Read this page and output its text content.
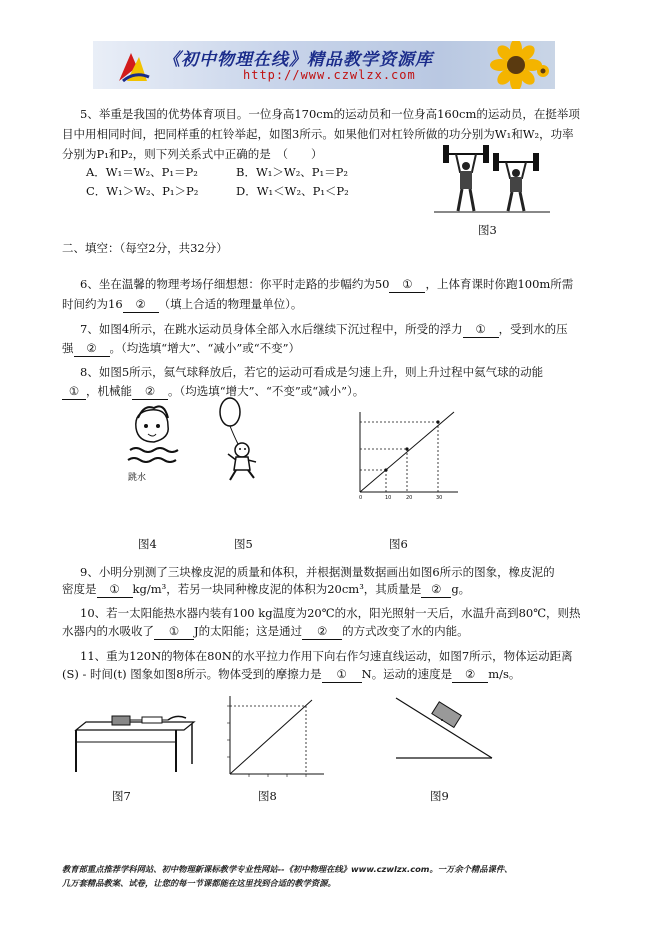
《初中物理在线》精品教学资源库
http://www.czwlzx.com
5、举重是我国的优势体育项目。一位身高170cm的运动员和一位身高160cm的运动员，在挺举项
目中用相同时间，把同样重的杠铃举起，如图3所示。如果他们对杠铃所做的功分别为W₁和W₂，功率
分别为P₁和P₂，则下列关系式中正确的是　（　　）
A．W₁＝W₂、P₁＝P₂	B．W₁＞W₂、P₁＝P₂
C．W₁＞W₂、P₁＞P₂	D．W₁＜W₂、P₁＜P₂
图3
二、填空：（每空2分，共32分）
6、坐在温馨的物理考场仔细想想：你平时走路的步幅约为50 ① ，上体育课时你跑100m所需
时间约为16 ② （填上合适的物理量单位）。
7、如图4所示，在跳水运动员身体全部入水后继续下沉过程中，所受的浮力 ① ，受到水的压
强 ② 。（均选填“增大”、“减小”或“不变”）
8、如图5所示，氦气球释放后，若它的运动可看成是匀速上升，则上升过程中氦气球的动能
① ，机械能 ② 。（均选填“增大”、“不变”或“减小”）。
跳水
0	10	20	30
图4	图5	图6
9、小明分别测了三块橡皮泥的质量和体积，并根据测量数据画出如图6所示的图象，橡皮泥的
密度是 ① kg/m³，若另一块同种橡皮泥的体积为20cm³，其质量是 ② g。
10、若一太阳能热水器内装有100 kg温度为20℃的水，阳光照射一天后，水温升高到80℃，则热
水器内的水吸收了 ① J的太阳能；这是通过 ② 的方式改变了水的内能。
11、重为120N的物体在80N的水平拉力作用下向右作匀速直线运动，如图7所示，物体运动距离
(S) - 时间(t) 图象如图8所示。物体受到的摩擦力是 ① N。运动的速度是 ② m/s。
图7	图8	图9
教育部重点推荐学科网站、初中物理新课标教学专业性网站--《初中物理在线》www.czwlzx.com。一万余个精品课件、
几万套精品教案、试卷，让您的每一节课都能在这里找到合适的教学资源。
